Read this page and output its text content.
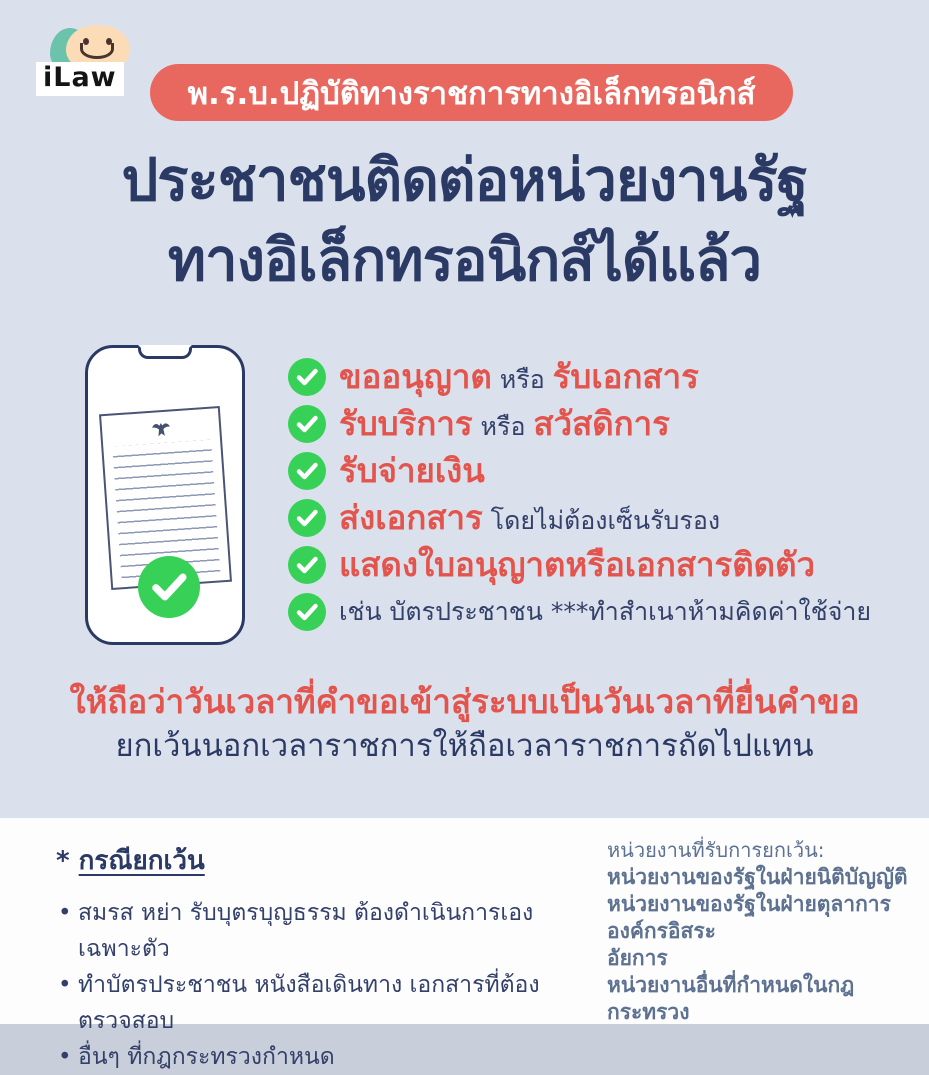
iLaw พ.ร.บ.ปฏิบัติทางราชการทางอิเล็กทรอนิกส์
ประชาชนติดต่อหน่วยงานรัฐ
ทางอิเล็กทรอนิกส์ได้แล้ว
ขออนุญาต หรือ รับเอกสาร
รับบริการ หรือ สวัสดิการ
รับจ่ายเงิน
ส่งเอกสาร โดยไม่ต้องเซ็นรับรอง
แสดงใบอนุญาตหรือเอกสารติดตัว
เช่น บัตรประชาชน ***ทำสำเนาห้ามคิดค่าใช้จ่าย
ให้ถือว่าวันเวลาที่คำขอเข้าสู่ระบบเป็นวันเวลาที่ยื่นคำขอ
ยกเว้นนอกเวลาราชการให้ถือเวลาราชการถัดไปแทน
* กรณียกเว้น
• สมรส หย่า รับบุตรบุญธรรม ต้องดำเนินการเองเฉพาะตัว
• ทำบัตรประชาชน หนังสือเดินทาง เอกสารที่ต้องตรวจสอบ
• อื่นๆ ที่กฎกระทรวงกำหนด
หน่วยงานที่รับการยกเว้น:
หน่วยงานของรัฐในฝ่ายนิติบัญญัติ
หน่วยงานของรัฐในฝ่ายตุลาการ
องค์กรอิสระ
อัยการ
หน่วยงานอื่นที่กำหนดในกฎกระทรวง
